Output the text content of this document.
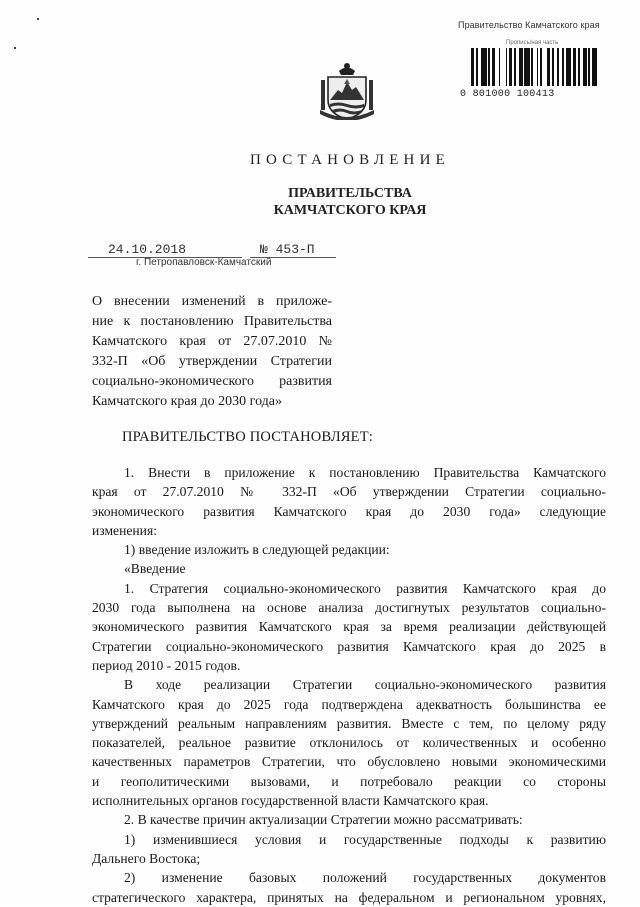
Правительство Камчатского края
Пропись/ная часть
0 801000 100413
ПОСТАНОВЛЕНИЕ
ПРАВИТЕЛЬСТВА
КАМЧАТСКОГО КРАЯ
24.10.2018	№ 453-П
г. Петропавловск-Камчатский
О внесении изменений в приложе-
ние к постановлению Правительства
Камчатского края от 27.07.2010 №
332-П «Об утверждении Стратегии
социально-экономического развития
Камчатского края до 2030 года»
ПРАВИТЕЛЬСТВО ПОСТАНОВЛЯЕТ:
1. Внести в приложение к постановлению Правительства Камчатского
края от 27.07.2010 № 332-П «Об утверждении Стратегии социально-
экономического развития Камчатского края до 2030 года» следующие
изменения:
1) введение изложить в следующей редакции:
«Введение
1. Стратегия социально-экономического развития Камчатского края до
2030 года выполнена на основе анализа достигнутых результатов социально-
экономического развития Камчатского края за время реализации действующей
Стратегии социально-экономического развития Камчатского края до 2025 в
период 2010 - 2015 годов.
В ходе реализации Стратегии социально-экономического развития
Камчатского края до 2025 года подтверждена адекватность большинства ее
утверждений реальным направлениям развития. Вместе с тем, по целому ряду
показателей, реальное развитие отклонилось от количественных и особенно
качественных параметров Стратегии, что обусловлено новыми экономическими
и геополитическими вызовами, и потребовало реакции со стороны
исполнительных органов государственной власти Камчатского края.
2. В качестве причин актуализации Стратегии можно рассматривать:
1) изменившиеся условия и государственные подходы к развитию
Дальнего Востока;
2) изменение базовых положений государственных документов
стратегического характера, принятых на федеральном и региональном уровнях,
